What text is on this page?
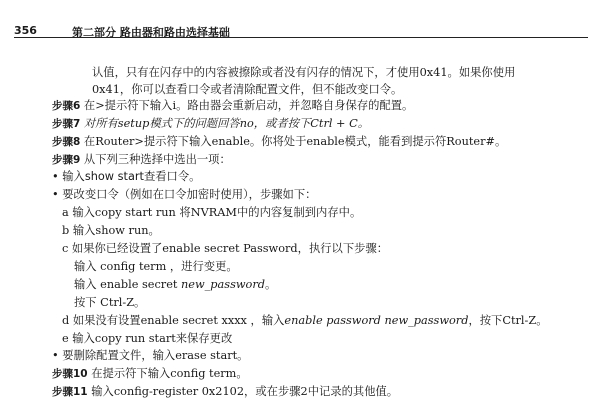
356	第二部分 路由器和路由选择基础
认值，只有在闪存中的内容被擦除或者没有闪存的情况下，才使用0x41。如果你使用
0x41，你可以查看口令或者清除配置文件，但不能改变口令。
步骤6 在>提示符下输入i。路由器会重新启动，并忽略自身保存的配置。
步骤7 对所有setup模式下的问题回答no，或者按下Ctrl + C。
步骤8 在Router>提示符下输入enable。你将处于enable模式，能看到提示符Router#。
步骤9 从下列三种选择中选出一项：
• 输入show start查看口令。
• 要改变口令（例如在口令加密时使用），步骤如下：
a 输入copy start run 将NVRAM中的内容复制到内存中。
b 输入show run。
c 如果你已经设置了enable secret Password，执行以下步骤：
输入 config term ，进行变更。
输入 enable secret new_password。
按下 Ctrl-Z。
d 如果没有设置enable secret xxxx ，输入enable password new_password，按下Ctrl-Z。
e 输入copy run start来保存更改
• 要删除配置文件，输入erase start。
步骤10 在提示符下输入config term。
步骤11 输入config-register 0x2102，或在步骤2中记录的其他值。
